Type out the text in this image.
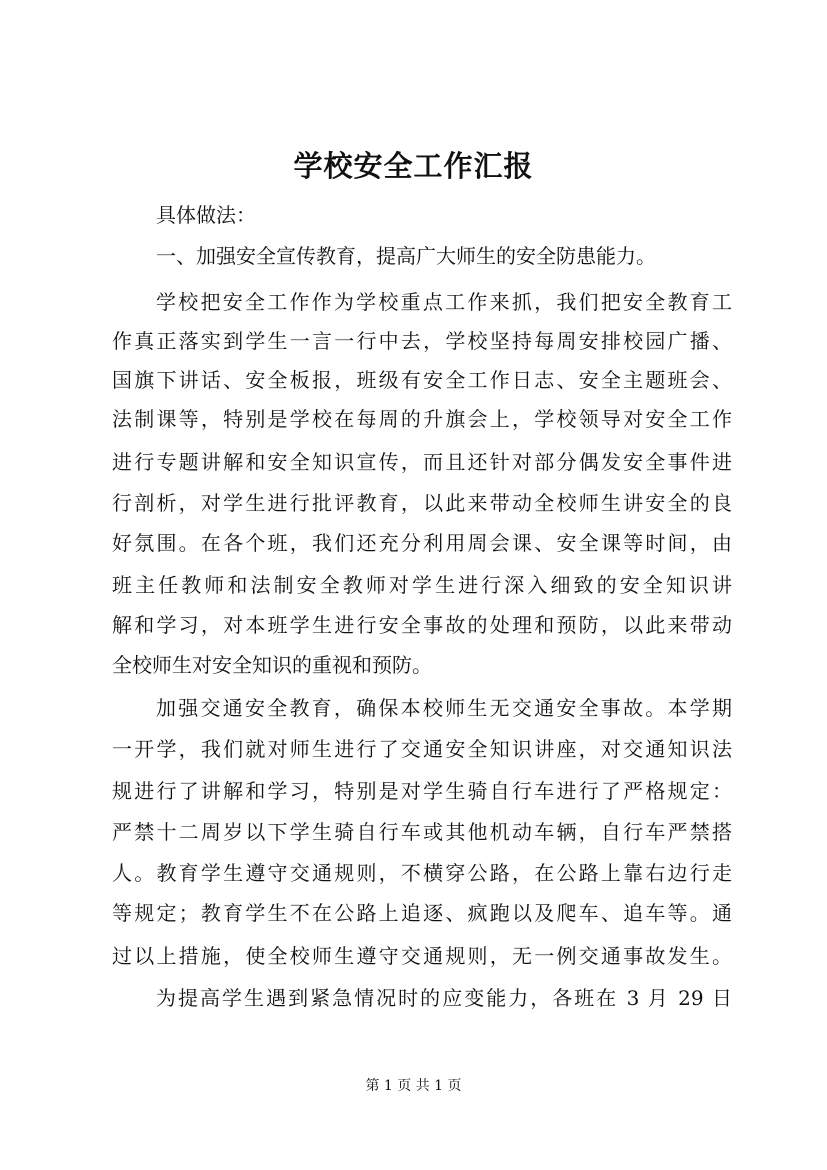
学校安全工作汇报
具体做法：
一、加强安全宣传教育，提高广大师生的安全防患能力。
学校把安全工作作为学校重点工作来抓，我们把安全教育工
作真正落实到学生一言一行中去，学校坚持每周安排校园广播、
国旗下讲话、安全板报，班级有安全工作日志、安全主题班会、
法制课等，特别是学校在每周的升旗会上，学校领导对安全工作
进行专题讲解和安全知识宣传，而且还针对部分偶发安全事件进
行剖析，对学生进行批评教育，以此来带动全校师生讲安全的良
好氛围。在各个班，我们还充分利用周会课、安全课等时间，由
班主任教师和法制安全教师对学生进行深入细致的安全知识讲
解和学习，对本班学生进行安全事故的处理和预防，以此来带动
全校师生对安全知识的重视和预防。
加强交通安全教育，确保本校师生无交通安全事故。本学期
一开学，我们就对师生进行了交通安全知识讲座，对交通知识法
规进行了讲解和学习，特别是对学生骑自行车进行了严格规定：
严禁十二周岁以下学生骑自行车或其他机动车辆，自行车严禁搭
人。教育学生遵守交通规则，不横穿公路，在公路上靠右边行走
等规定；教育学生不在公路上追逐、疯跑以及爬车、追车等。通
过以上措施，使全校师生遵守交通规则，无一例交通事故发生。
为提高学生遇到紧急情况时的应变能力，各班在 3 月 29 日
第 1 页 共 1 页
